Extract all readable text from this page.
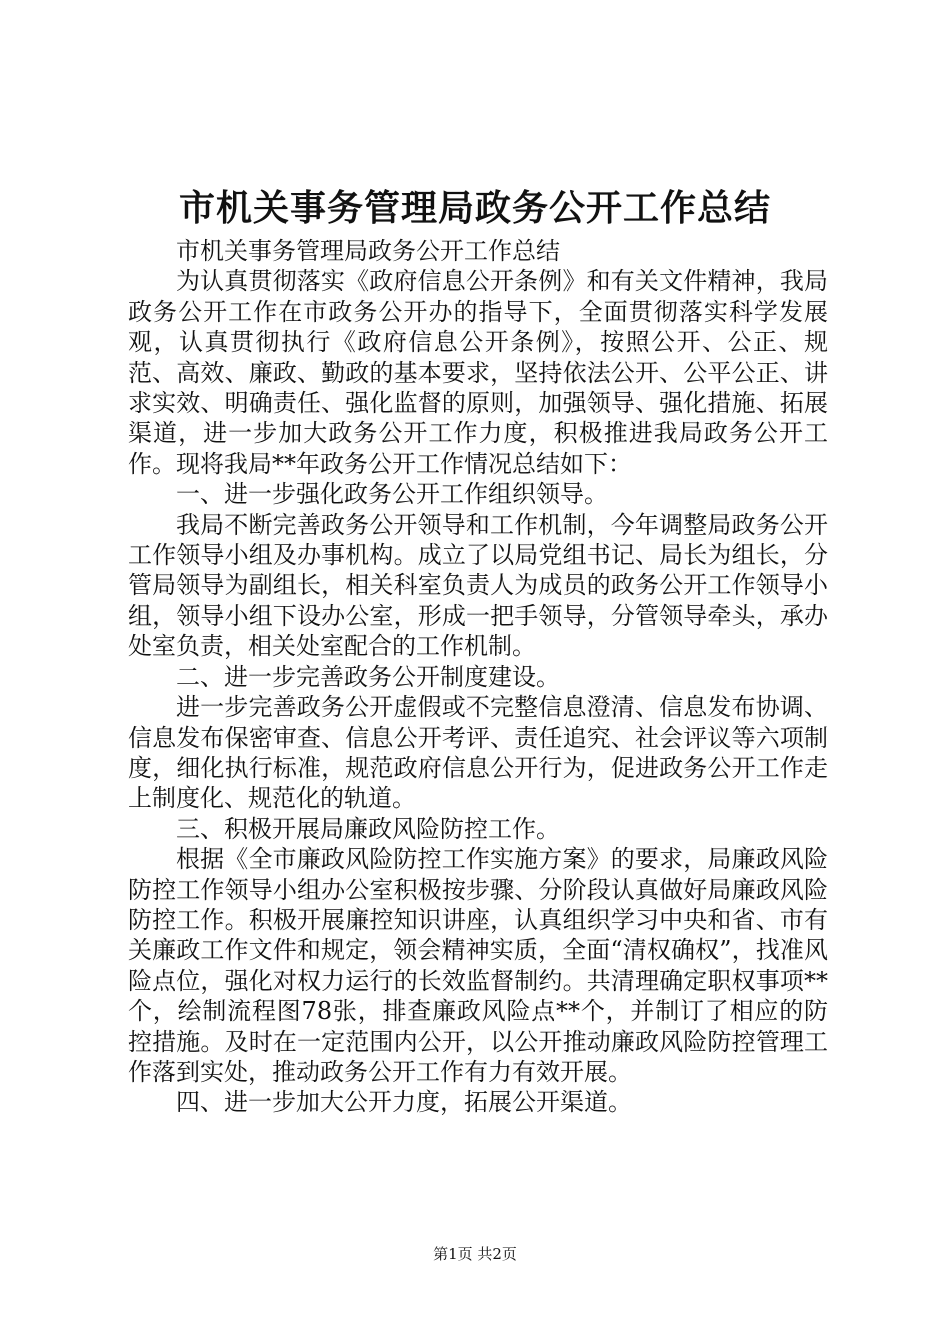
市机关事务管理局政务公开工作总结

市机关事务管理局政务公开工作总结

为认真贯彻落实《政府信息公开条例》和有关文件精神，我局政务公开工作在市政务公开办的指导下，全面贯彻落实科学发展观，认真贯彻执行《政府信息公开条例》，按照公开、公正、规范、高效、廉政、勤政的基本要求，坚持依法公开、公平公正、讲求实效、明确责任、强化监督的原则，加强领导、强化措施、拓展渠道，进一步加大政务公开工作力度，积极推进我局政务公开工作。现将我局**年政务公开工作情况总结如下：

一、进一步强化政务公开工作组织领导。

我局不断完善政务公开领导和工作机制，今年调整局政务公开工作领导小组及办事机构。成立了以局党组书记、局长为组长，分管局领导为副组长，相关科室负责人为成员的政务公开工作领导小组，领导小组下设办公室，形成一把手领导，分管领导牵头，承办处室负责，相关处室配合的工作机制。

二、进一步完善政务公开制度建设。

进一步完善政务公开虚假或不完整信息澄清、信息发布协调、信息发布保密审查、信息公开考评、责任追究、社会评议等六项制度，细化执行标准，规范政府信息公开行为，促进政务公开工作走上制度化、规范化的轨道。

三、积极开展局廉政风险防控工作。

根据《全市廉政风险防控工作实施方案》的要求，局廉政风险防控工作领导小组办公室积极按步骤、分阶段认真做好局廉政风险防控工作。积极开展廉控知识讲座，认真组织学习中央和省、市有关廉政工作文件和规定，领会精神实质，全面“清权确权”，找准风险点位，强化对权力运行的长效监督制约。共清理确定职权事项**个，绘制流程图78张，排查廉政风险点**个，并制订了相应的防控措施。及时在一定范围内公开，以公开推动廉政风险防控管理工作落到实处，推动政务公开工作有力有效开展。

四、进一步加大公开力度，拓展公开渠道。

第1页 共2页
